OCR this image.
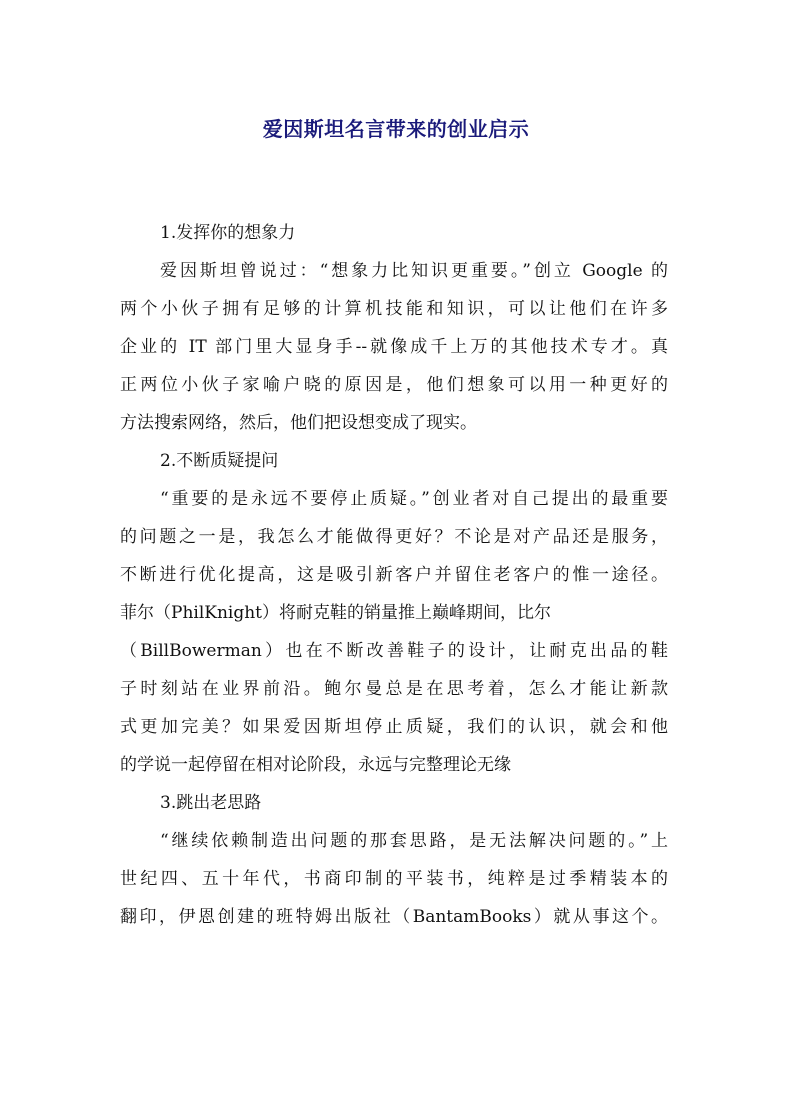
爱因斯坦名言带来的创业启示
1.发挥你的想象力
爱因斯坦曾说过：“想象力比知识更重要。”创立 Google 的
两个小伙子拥有足够的计算机技能和知识，可以让他们在许多
企业的 IT 部门里大显身手--就像成千上万的其他技术专才。真
正两位小伙子家喻户晓的原因是，他们想象可以用一种更好的
方法搜索网络，然后，他们把设想变成了现实。
2.不断质疑提问
“重要的是永远不要停止质疑。”创业者对自己提出的最重要
的问题之一是，我怎么才能做得更好？不论是对产品还是服务，
不断进行优化提高，这是吸引新客户并留住老客户的惟一途径。
菲尔（PhilKnight）将耐克鞋的销量推上巅峰期间，比尔
（BillBowerman）也在不断改善鞋子的设计，让耐克出品的鞋
子时刻站在业界前沿。鲍尔曼总是在思考着，怎么才能让新款
式更加完美？如果爱因斯坦停止质疑，我们的认识，就会和他
的学说一起停留在相对论阶段，永远与完整理论无缘
3.跳出老思路
“继续依赖制造出问题的那套思路，是无法解决问题的。”上
世纪四、五十年代，书商印制的平装书，纯粹是过季精装本的
翻印，伊恩创建的班特姆出版社（BantamBooks）就从事这个。
